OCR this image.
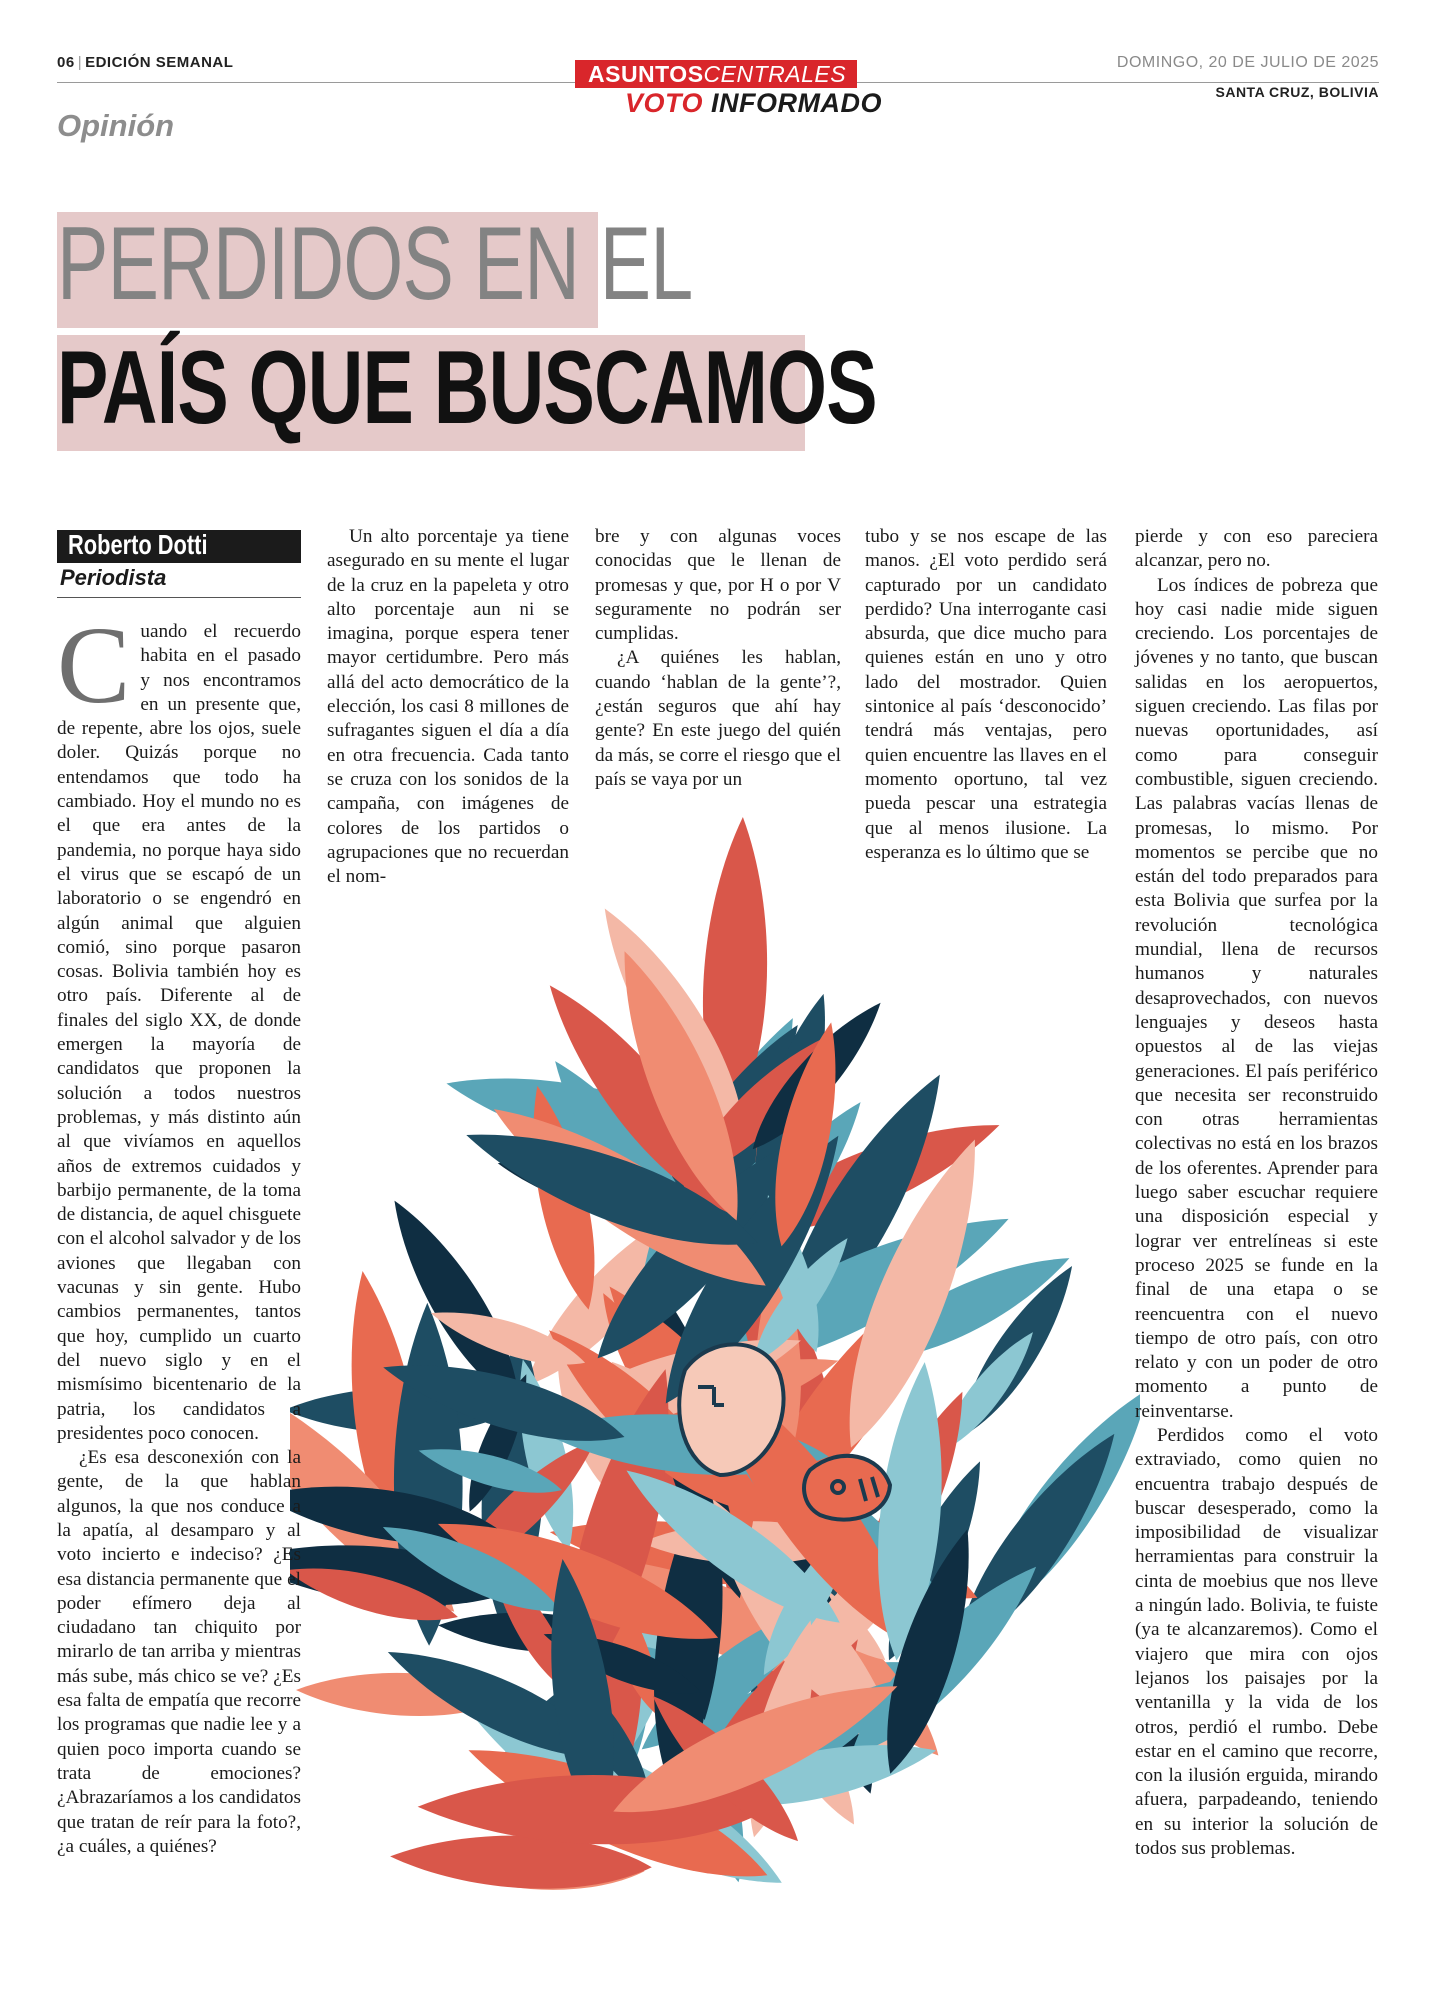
06 | EDICIÓN SEMANAL	DOMINGO, 20 DE JULIO DE 2025
SANTA CRUZ, BOLIVIA
ASUNTOSCENTRALES
VOTO INFORMADO
Opinión
PERDIDOS EN EL
PAÍS QUE BUSCAMOS
Roberto Dotti
Periodista

Cuando el recuerdo habita en el pasado y nos encontramos en un presente que, de repente, abre los ojos, suele doler. Quizás porque no entendamos que todo ha cambiado. Hoy el mundo no es el que era antes de la pandemia, no porque haya sido el virus que se escapó de un laboratorio o se engendró en algún animal que alguien comió, sino porque pasaron cosas. Bolivia también hoy es otro país. Diferente al de finales del siglo XX, de donde emergen la mayoría de candidatos que proponen la solución a todos nuestros problemas, y más distinto aún al que vivíamos en aquellos años de extremos cuidados y barbijo permanente, de la toma de distancia, de aquel chisguete con el alcohol salvador y de los aviones que llegaban con vacunas y sin gente. Hubo cambios permanentes, tantos que hoy, cumplido un cuarto del nuevo siglo y en el mismísimo bicentenario de la patria, los candidatos a presidentes poco conocen.

¿Es esa desconexión con la gente, de la que hablan algunos, la que nos conduce a la apatía, al desamparo y al voto incierto e indeciso? ¿Es esa distancia permanente que el poder efímero deja al ciudadano tan chiquito por mirarlo de tan arriba y mientras más sube, más chico se ve? ¿Es esa falta de empatía que recorre los programas que nadie lee y a quien poco importa cuando se trata de emociones? ¿Abrazaríamos a los candidatos que tratan de reír para la foto?, ¿a cuáles, a quiénes?

Un alto porcentaje ya tiene asegurado en su mente el lugar de la cruz en la papeleta y otro alto porcentaje aun ni se imagina, porque espera tener mayor certidumbre. Pero más allá del acto democrático de la elección, los casi 8 millones de sufragantes siguen el día a día en otra frecuencia. Cada tanto se cruza con los sonidos de la campaña, con imágenes de colores de los partidos o agrupaciones que no recuerdan el nom-

bre y con algunas voces conocidas que le llenan de promesas y que, por H o por V seguramente no podrán ser cumplidas.

¿A quiénes les hablan, cuando ‘hablan de la gente’?, ¿están seguros que ahí hay gente? En este juego del quién da más, se corre el riesgo que el país se vaya por un

tubo y se nos escape de las manos. ¿El voto perdido será capturado por un candidato perdido? Una interrogante casi absurda, que dice mucho para quienes están en uno y otro lado del mostrador. Quien sintonice al país ‘desconocido’ tendrá más ventajas, pero quien encuentre las llaves en el momento oportuno, tal vez pueda pescar una estrategia que al menos ilusione. La esperanza es lo último que se

pierde y con eso pareciera alcanzar, pero no.

Los índices de pobreza que hoy casi nadie mide siguen creciendo. Los porcentajes de jóvenes y no tanto, que buscan salidas en los aeropuertos, siguen creciendo. Las filas por nuevas oportunidades, así como para conseguir combustible, siguen creciendo. Las palabras vacías llenas de promesas, lo mismo. Por momentos se percibe que no están del todo preparados para esta Bolivia que surfea por la revolución tecnológica mundial, llena de recursos humanos y naturales desaprovechados, con nuevos lenguajes y deseos hasta opuestos al de las viejas generaciones. El país periférico que necesita ser reconstruido con otras herramientas colectivas no está en los brazos de los oferentes. Aprender para luego saber escuchar requiere una disposición especial y lograr ver entrelíneas si este proceso 2025 se funde en la final de una etapa o se reencuentra con el nuevo tiempo de otro país, con otro relato y con un poder de otro momento a punto de reinventarse.

Perdidos como el voto extraviado, como quien no encuentra trabajo después de buscar desesperado, como la imposibilidad de visualizar herramientas para construir la cinta de moebius que nos lleve a ningún lado. Bolivia, te fuiste (ya te alcanzaremos). Como el viajero que mira con ojos lejanos los paisajes por la ventanilla y la vida de los otros, perdió el rumbo. Debe estar en el camino que recorre, con la ilusión erguida, mirando afuera, parpadeando, teniendo en su interior la solución de todos sus problemas.
